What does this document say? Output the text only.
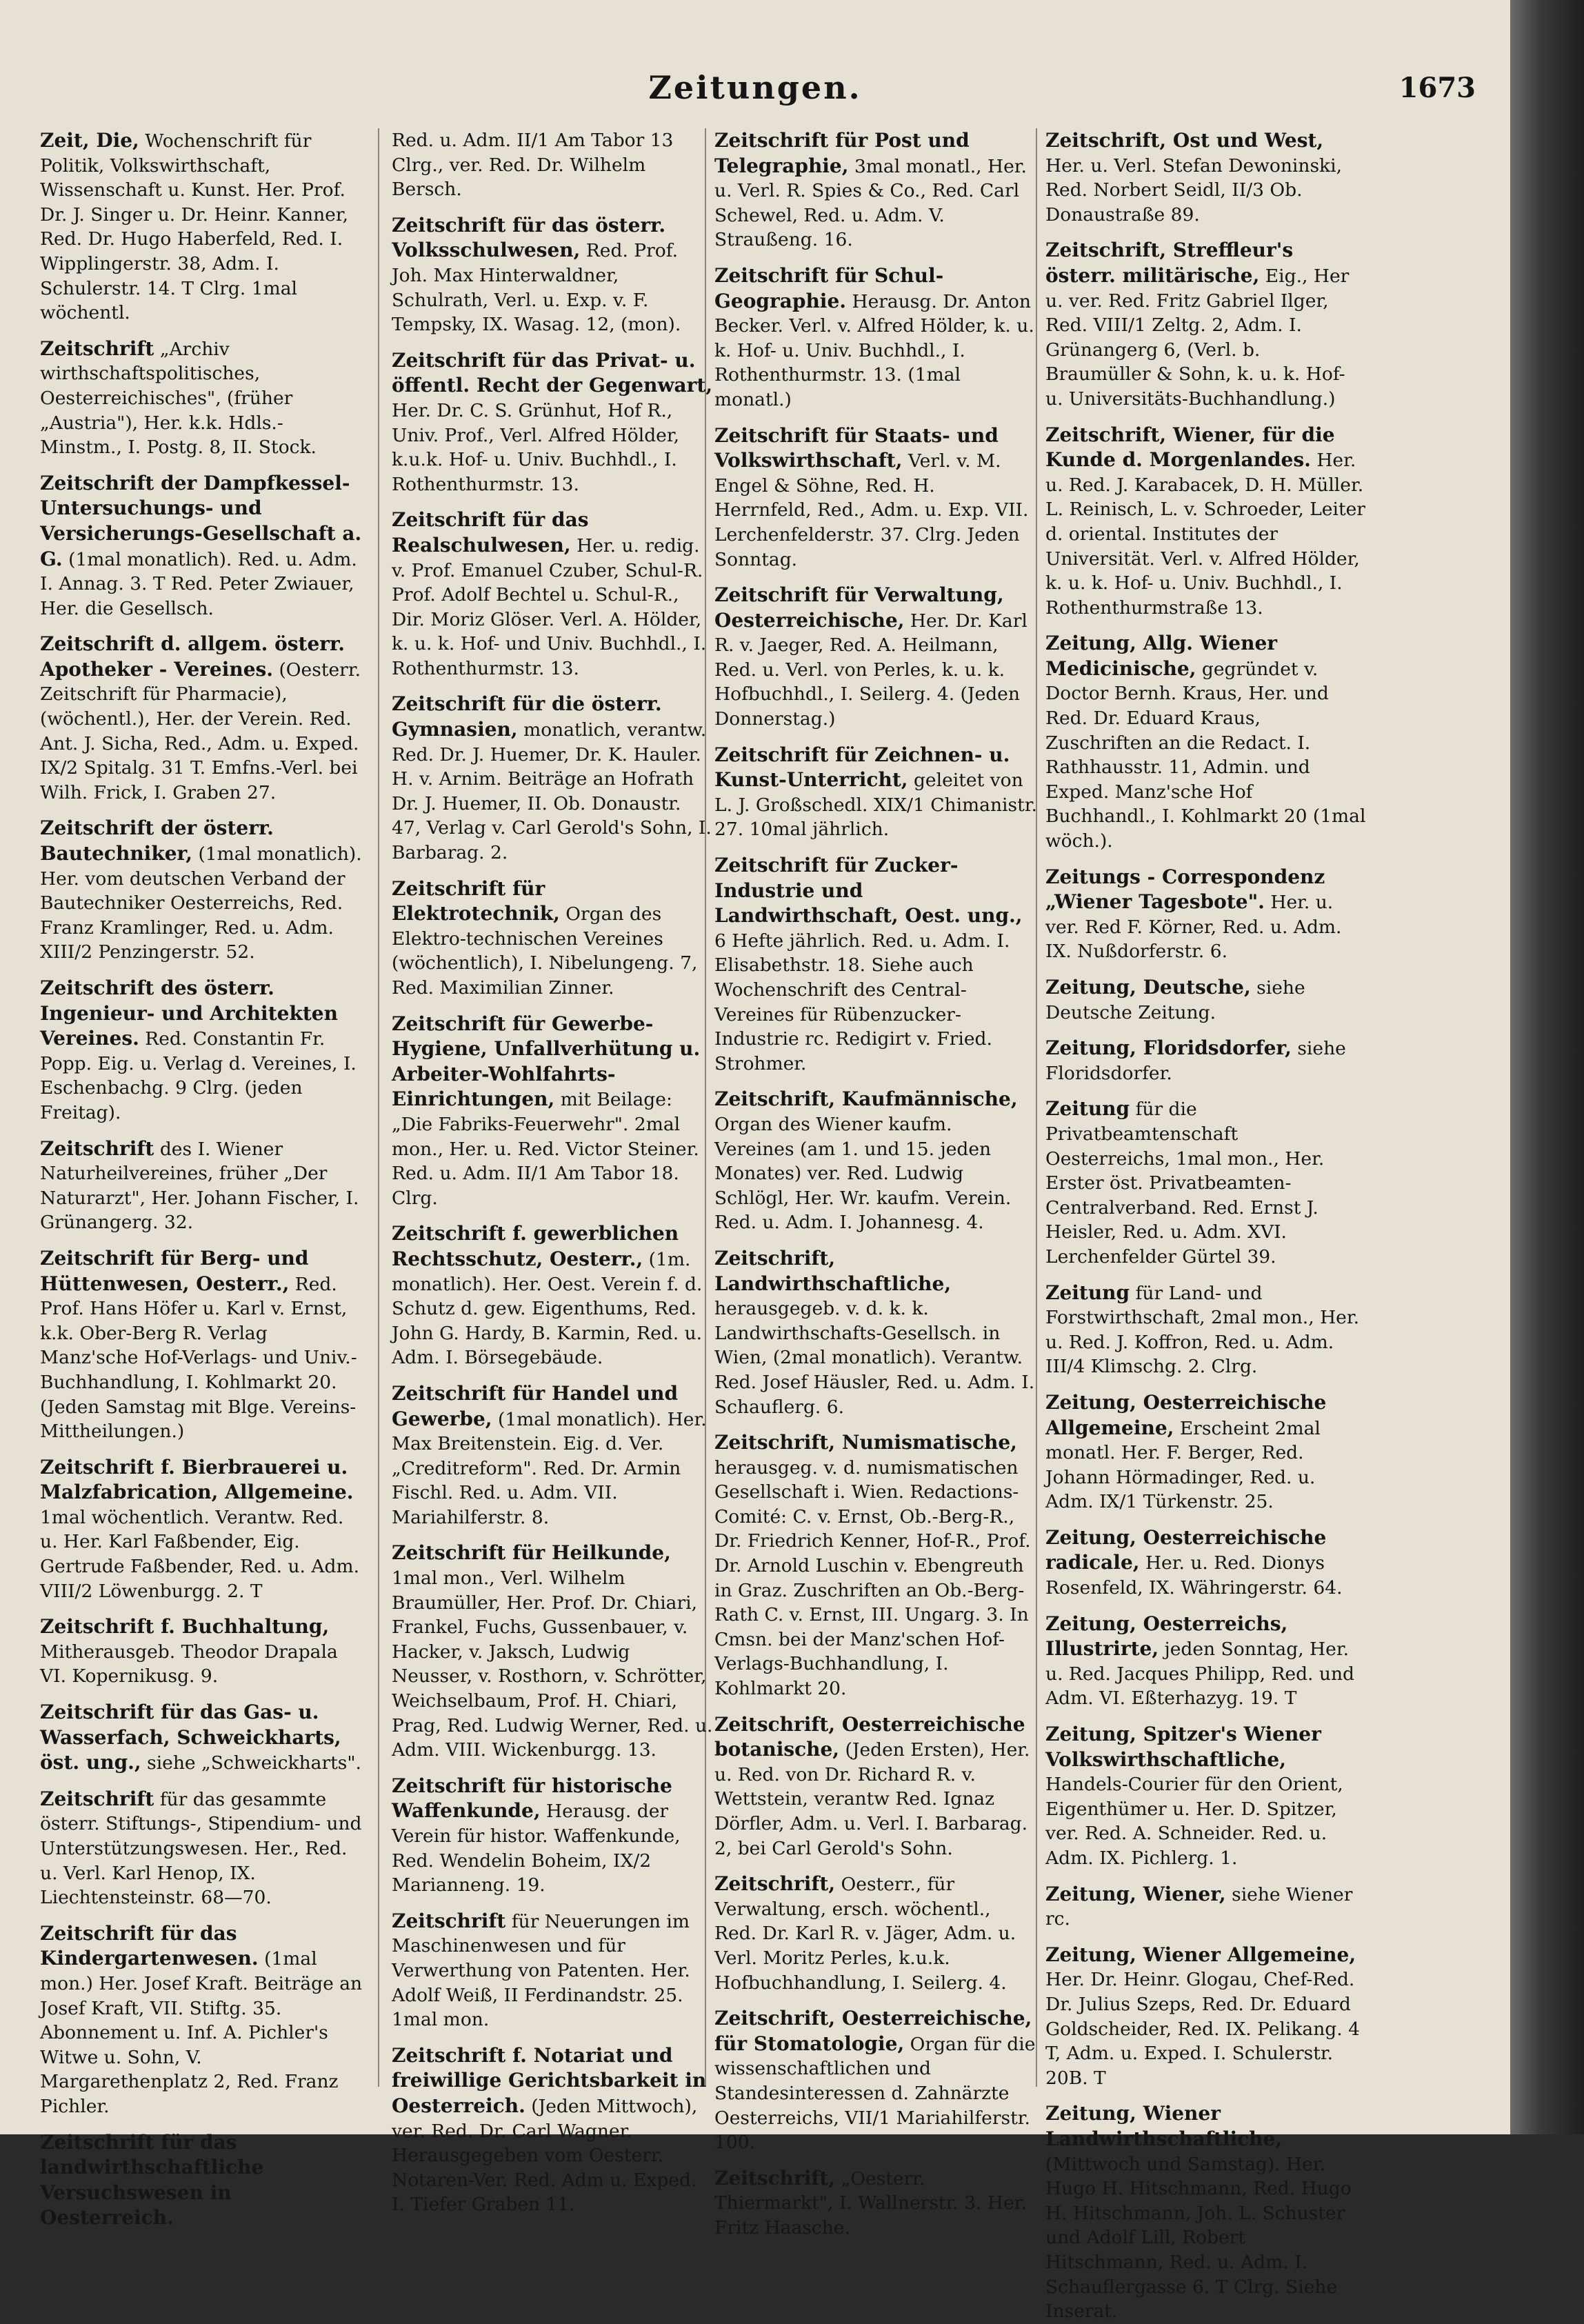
Zeitungen.	1673
Zeit, Die, Wochenschrift für Politik, Volkswirthschaft, Wissenschaft u. Kunst. Her. Prof. Dr. J. Singer u. Dr. Heinr. Kanner, Red. Dr. Hugo Haberfeld, Red. I. Wipplingerstr. 38, Adm. I. Schulerstr. 14. T Clrg. 1mal wöchentl.
Zeitschrift „Archiv wirthschaftspolitisches, Oesterreichisches", (früher „Austria"), Her. k.k. Hdls.-Minstm., I. Postg. 8, II. Stock.
Zeitschrift der Dampfkessel-Untersuchungs- und Versicherungs-Gesellschaft a. G. (1mal monatlich). Red. u. Adm. I. Annag. 3. T Red. Peter Zwiauer, Her. die Gesellsch.
Zeitschrift d. allgem. österr. Apotheker - Vereines. (Oesterr. Zeitschrift für Pharmacie), (wöchentl.), Her. der Verein. Red. Ant. J. Sicha, Red., Adm. u. Exped. IX/2 Spitalg. 31 T. Emfns.-Verl. bei Wilh. Frick, I. Graben 27.
Zeitschrift der österr. Bautechniker, (1mal monatlich). Her. vom deutschen Verband der Bautechniker Oesterreichs, Red. Franz Kramlinger, Red. u. Adm. XIII/2 Penzingerstr. 52.
Zeitschrift des österr. Ingenieur- und Architekten Vereines. Red. Constantin Fr. Popp. Eig. u. Verlag d. Vereines, I. Eschenbachg. 9 Clrg. (jeden Freitag).
Zeitschrift des I. Wiener Naturheilvereines, früher „Der Naturarzt", Her. Johann Fischer, I. Grünangerg. 32.
Zeitschrift für Berg- und Hüttenwesen, Oesterr., Red. Prof. Hans Höfer u. Karl v. Ernst, k.k. Ober-Berg R. Verlag Manz'sche Hof-Verlags- und Univ.-Buchhandlung, I. Kohlmarkt 20. (Jeden Samstag mit Blge. Vereins-Mittheilungen.)
Zeitschrift f. Bierbrauerei u. Malzfabrication, Allgemeine. 1mal wöchentlich. Verantw. Red. u. Her. Karl Faßbender, Eig. Gertrude Faßbender, Red. u. Adm. VIII/2 Löwenburgg. 2. T
Zeitschrift f. Buchhaltung, Mitherausgeb. Theodor Drapala VI. Kopernikusg. 9.
Zeitschrift für das Gas- u. Wasserfach, Schweickharts, öst. ung., siehe „Schweickharts".
Zeitschrift für das gesammte österr. Stiftungs-, Stipendium- und Unterstützungswesen. Her., Red. u. Verl. Karl Henop, IX. Liechtensteinstr. 68—70.
Zeitschrift für das Kindergartenwesen. (1mal mon.) Her. Josef Kraft. Beiträge an Josef Kraft, VII. Stiftg. 35. Abonnement u. Inf. A. Pichler's Witwe u. Sohn, V. Margarethenplatz 2, Red. Franz Pichler.
Zeitschrift für das landwirthschaftliche Versuchswesen in Oesterreich.
Red. u. Adm. II/1 Am Tabor 13 Clrg., ver. Red. Dr. Wilhelm Bersch.
Zeitschrift für das österr. Volksschulwesen, Red. Prof. Joh. Max Hinterwaldner, Schulrath, Verl. u. Exp. v. F. Tempsky, IX. Wasag. 12, (mon).
Zeitschrift für das Privat- u. öffentl. Recht der Gegenwart, Her. Dr. C. S. Grünhut, Hof R., Univ. Prof., Verl. Alfred Hölder, k.u.k. Hof- u. Univ. Buchhdl., I. Rothenthurmstr. 13.
Zeitschrift für das Realschulwesen, Her. u. redig. v. Prof. Emanuel Czuber, Schul-R. Prof. Adolf Bechtel u. Schul-R., Dir. Moriz Glöser. Verl. A. Hölder, k. u. k. Hof- und Univ. Buchhdl., I. Rothenthurmstr. 13.
Zeitschrift für die österr. Gymnasien, monatlich, verantw. Red. Dr. J. Huemer, Dr. K. Hauler. H. v. Arnim. Beiträge an Hofrath Dr. J. Huemer, II. Ob. Donaustr. 47, Verlag v. Carl Gerold's Sohn, I. Barbarag. 2.
Zeitschrift für Elektrotechnik, Organ des Elektro-technischen Vereines (wöchentlich), I. Nibelungeng. 7, Red. Maximilian Zinner.
Zeitschrift für Gewerbe-Hygiene, Unfallverhütung u. Arbeiter-Wohlfahrts-Einrichtungen, mit Beilage: „Die Fabriks-Feuerwehr". 2mal mon., Her. u. Red. Victor Steiner. Red. u. Adm. II/1 Am Tabor 18. Clrg.
Zeitschrift f. gewerblichen Rechtsschutz, Oesterr., (1m. monatlich). Her. Oest. Verein f. d. Schutz d. gew. Eigenthums, Red. John G. Hardy, B. Karmin, Red. u. Adm. I. Börsegebäude.
Zeitschrift für Handel und Gewerbe, (1mal monatlich). Her. Max Breitenstein. Eig. d. Ver. „Creditreform". Red. Dr. Armin Fischl. Red. u. Adm. VII. Mariahilferstr. 8.
Zeitschrift für Heilkunde, 1mal mon., Verl. Wilhelm Braumüller, Her. Prof. Dr. Chiari, Frankel, Fuchs, Gussenbauer, v. Hacker, v. Jaksch, Ludwig Neusser, v. Rosthorn, v. Schrötter, Weichselbaum, Prof. H. Chiari, Prag, Red. Ludwig Werner, Red. u. Adm. VIII. Wickenburgg. 13.
Zeitschrift für historische Waffenkunde, Herausg. der Verein für histor. Waffenkunde, Red. Wendelin Boheim, IX/2 Marianneng. 19.
Zeitschrift für Neuerungen im Maschinenwesen und für Verwerthung von Patenten. Her. Adolf Weiß, II Ferdinandstr. 25. 1mal mon.
Zeitschrift f. Notariat und freiwillige Gerichtsbarkeit in Oesterreich. (Jeden Mittwoch), ver. Red. Dr. Carl Wagner. Herausgegeben vom Oesterr. Notaren-Ver. Red. Adm u. Exped. I. Tiefer Graben 11.
Zeitschrift für Post und Telegraphie, 3mal monatl., Her. u. Verl. R. Spies & Co., Red. Carl Schewel, Red. u. Adm. V. Straußeng. 16.
Zeitschrift für Schul-Geographie. Herausg. Dr. Anton Becker. Verl. v. Alfred Hölder, k. u. k. Hof- u. Univ. Buchhdl., I. Rothenthurmstr. 13. (1mal monatl.)
Zeitschrift für Staats- und Volkswirthschaft, Verl. v. M. Engel & Söhne, Red. H. Herrnfeld, Red., Adm. u. Exp. VII. Lerchenfelderstr. 37. Clrg. Jeden Sonntag.
Zeitschrift für Verwaltung, Oesterreichische, Her. Dr. Karl R. v. Jaeger, Red. A. Heilmann, Red. u. Verl. von Perles, k. u. k. Hofbuchhdl., I. Seilerg. 4. (Jeden Donnerstag.)
Zeitschrift für Zeichnen- u. Kunst-Unterricht, geleitet von L. J. Großschedl. XIX/1 Chimanistr. 27. 10mal jährlich.
Zeitschrift für Zucker-Industrie und Landwirthschaft, Oest. ung., 6 Hefte jährlich. Red. u. Adm. I. Elisabethstr. 18. Siehe auch Wochenschrift des Central-Vereines für Rübenzucker-Industrie rc. Redigirt v. Fried. Strohmer.
Zeitschrift, Kaufmännische, Organ des Wiener kaufm. Vereines (am 1. und 15. jeden Monates) ver. Red. Ludwig Schlögl, Her. Wr. kaufm. Verein. Red. u. Adm. I. Johannesg. 4.
Zeitschrift, Landwirthschaftliche, herausgegeb. v. d. k. k. Landwirthschafts-Gesellsch. in Wien, (2mal monatlich). Verantw. Red. Josef Häusler, Red. u. Adm. I. Schauflerg. 6.
Zeitschrift, Numismatische, herausgeg. v. d. numismatischen Gesellschaft i. Wien. Redactions-Comité: C. v. Ernst, Ob.-Berg-R., Dr. Friedrich Kenner, Hof-R., Prof. Dr. Arnold Luschin v. Ebengreuth in Graz. Zuschriften an Ob.-Berg-Rath C. v. Ernst, III. Ungarg. 3. In Cmsn. bei der Manz'schen Hof-Verlags-Buchhandlung, I. Kohlmarkt 20.
Zeitschrift, Oesterreichische botanische, (Jeden Ersten), Her. u. Red. von Dr. Richard R. v. Wettstein, verantw Red. Ignaz Dörfler, Adm. u. Verl. I. Barbarag. 2, bei Carl Gerold's Sohn.
Zeitschrift, Oesterr., für Verwaltung, ersch. wöchentl., Red. Dr. Karl R. v. Jäger, Adm. u. Verl. Moritz Perles, k.u.k. Hofbuchhandlung, I. Seilerg. 4.
Zeitschrift, Oesterreichische, für Stomatologie, Organ für die wissenschaftlichen und Standesinteressen d. Zahnärzte Oesterreichs, VII/1 Mariahilferstr. 100.
Zeitschrift, „Oesterr. Thiermarkt", I. Wallnerstr. 3. Her. Fritz Haasche.
Zeitschrift, Ost und West, Her. u. Verl. Stefan Dewoninski, Red. Norbert Seidl, II/3 Ob. Donaustraße 89.
Zeitschrift, Streffleur's österr. militärische, Eig., Her u. ver. Red. Fritz Gabriel Ilger, Red. VIII/1 Zeltg. 2, Adm. I. Grünangerg 6, (Verl. b. Braumüller & Sohn, k. u. k. Hof- u. Universitäts-Buchhandlung.)
Zeitschrift, Wiener, für die Kunde d. Morgenlandes. Her. u. Red. J. Karabacek, D. H. Müller. L. Reinisch, L. v. Schroeder, Leiter d. oriental. Institutes der Universität. Verl. v. Alfred Hölder, k. u. k. Hof- u. Univ. Buchhdl., I. Rothenthurmstraße 13.
Zeitung, Allg. Wiener Medicinische, gegründet v. Doctor Bernh. Kraus, Her. und Red. Dr. Eduard Kraus, Zuschriften an die Redact. I. Rathhausstr. 11, Admin. und Exped. Manz'sche Hof Buchhandl., I. Kohlmarkt 20 (1mal wöch.).
Zeitungs - Correspondenz „Wiener Tagesbote". Her. u. ver. Red F. Körner, Red. u. Adm. IX. Nußdorferstr. 6.
Zeitung, Deutsche, siehe Deutsche Zeitung.
Zeitung, Floridsdorfer, siehe Floridsdorfer.
Zeitung für die Privatbeamtenschaft Oesterreichs, 1mal mon., Her. Erster öst. Privatbeamten-Centralverband. Red. Ernst J. Heisler, Red. u. Adm. XVI. Lerchenfelder Gürtel 39.
Zeitung für Land- und Forstwirthschaft, 2mal mon., Her. u. Red. J. Koffron, Red. u. Adm. III/4 Klimschg. 2. Clrg.
Zeitung, Oesterreichische Allgemeine, Erscheint 2mal monatl. Her. F. Berger, Red. Johann Hörmadinger, Red. u. Adm. IX/1 Türkenstr. 25.
Zeitung, Oesterreichische radicale, Her. u. Red. Dionys Rosenfeld, IX. Währingerstr. 64.
Zeitung, Oesterreichs, Illustrirte, jeden Sonntag, Her. u. Red. Jacques Philipp, Red. und Adm. VI. Eßterhazyg. 19. T
Zeitung, Spitzer's Wiener Volkswirthschaftliche, Handels-Courier für den Orient, Eigenthümer u. Her. D. Spitzer, ver. Red. A. Schneider. Red. u. Adm. IX. Pichlerg. 1.
Zeitung, Wiener, siehe Wiener rc.
Zeitung, Wiener Allgemeine, Her. Dr. Heinr. Glogau, Chef-Red. Dr. Julius Szeps, Red. Dr. Eduard Goldscheider, Red. IX. Pelikang. 4 T, Adm. u. Exped. I. Schulerstr. 20B. T
Zeitung, Wiener Landwirthschaftliche, (Mittwoch und Samstag). Her. Hugo H. Hitschmann, Red. Hugo H. Hitschmann, Joh. L. Schuster und Adolf Lill, Robert Hitschmann, Red. u. Adm. I. Schauflergasse 6. T Clrg. Siehe Inserat.
